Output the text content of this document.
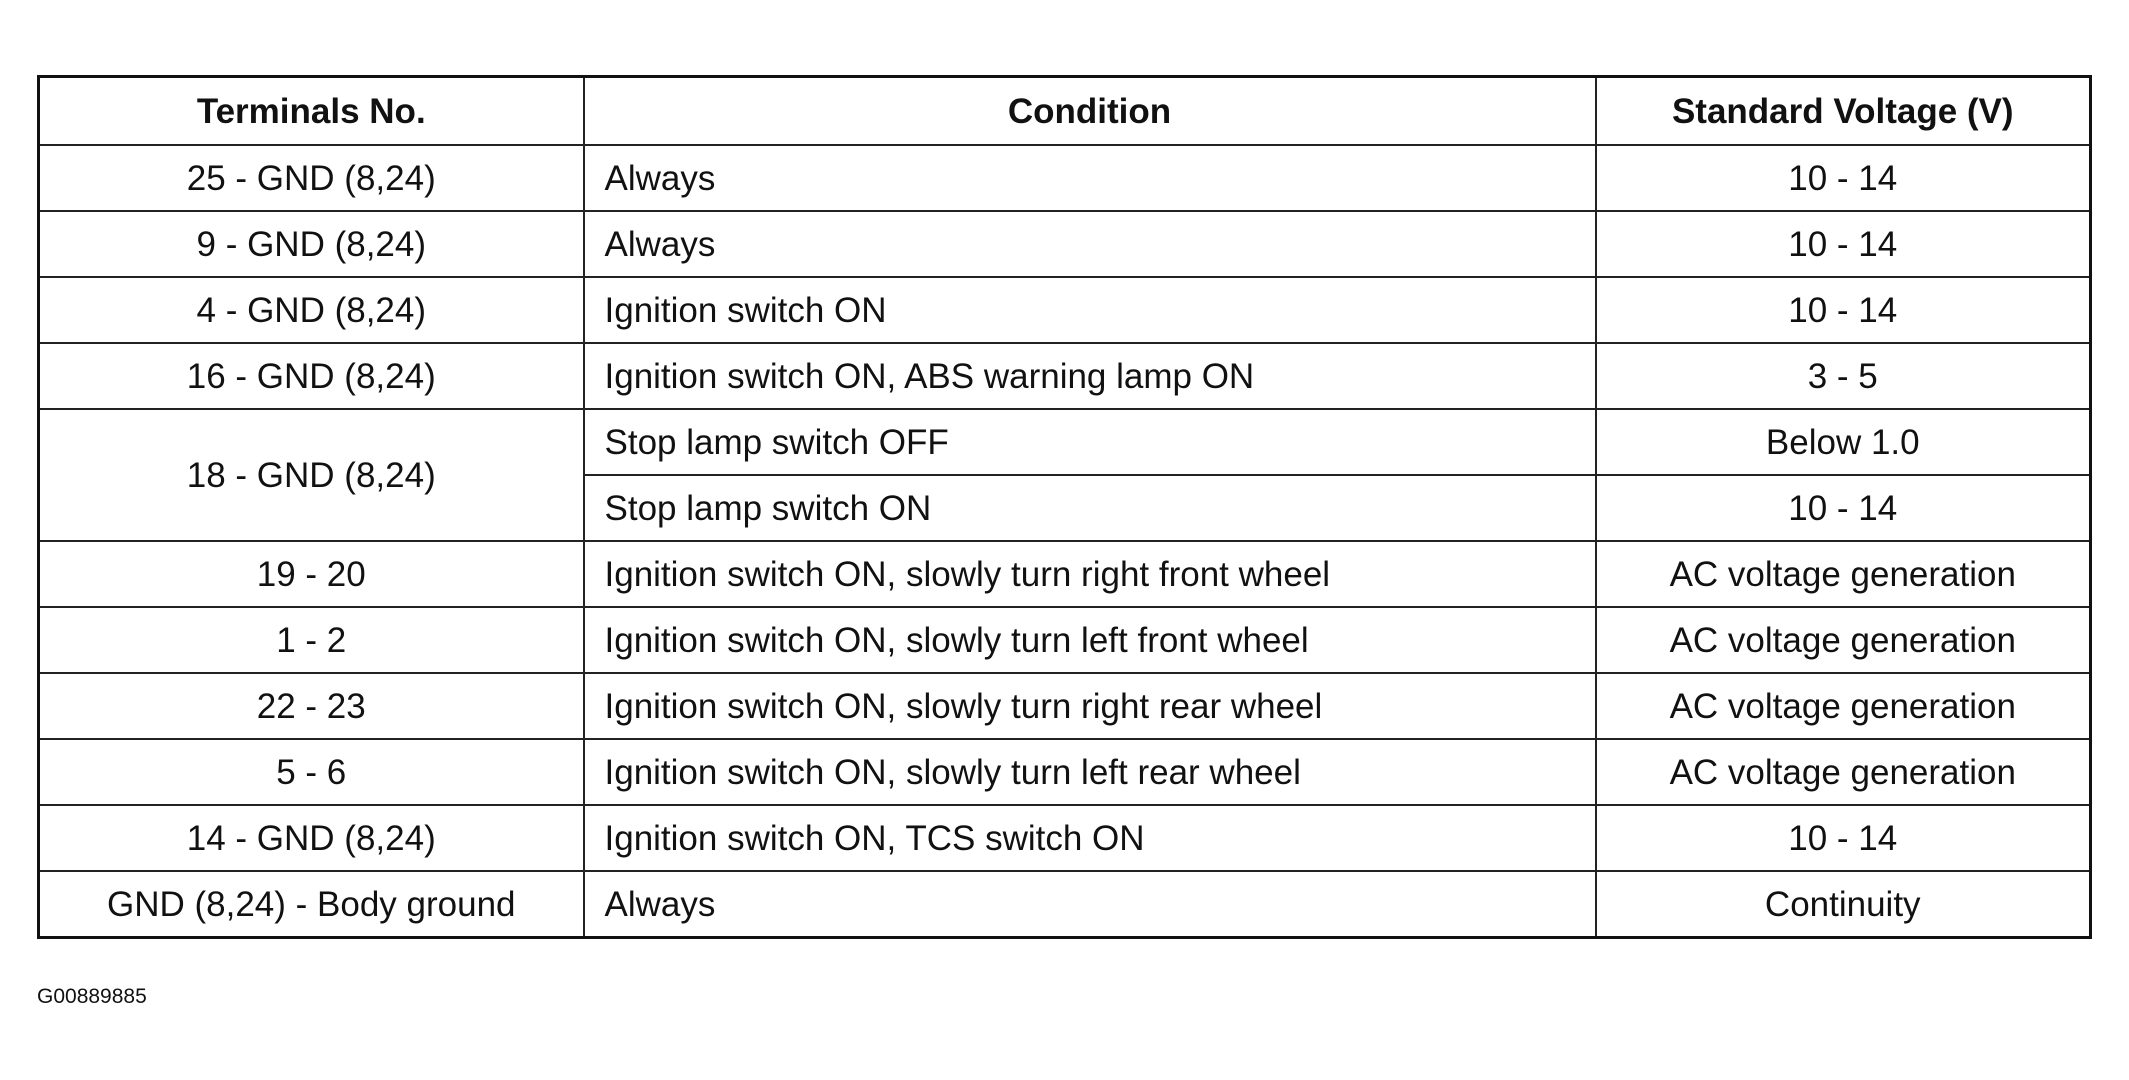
Terminals No.	Condition	Standard Voltage (V)
25 - GND (8,24)	Always	10 - 14
9 - GND (8,24)	Always	10 - 14
4 - GND (8,24)	Ignition switch ON	10 - 14
16 - GND (8,24)	Ignition switch ON, ABS warning lamp ON	3 - 5
18 - GND (8,24)	Stop lamp switch OFF	Below 1.0
	Stop lamp switch ON	10 - 14
19 - 20	Ignition switch ON, slowly turn right front wheel	AC voltage generation
1 - 2	Ignition switch ON, slowly turn left front wheel	AC voltage generation
22 - 23	Ignition switch ON, slowly turn right rear wheel	AC voltage generation
5 - 6	Ignition switch ON, slowly turn left rear wheel	AC voltage generation
14 - GND (8,24)	Ignition switch ON, TCS switch ON	10 - 14
GND (8,24) - Body ground	Always	Continuity
G00889885
